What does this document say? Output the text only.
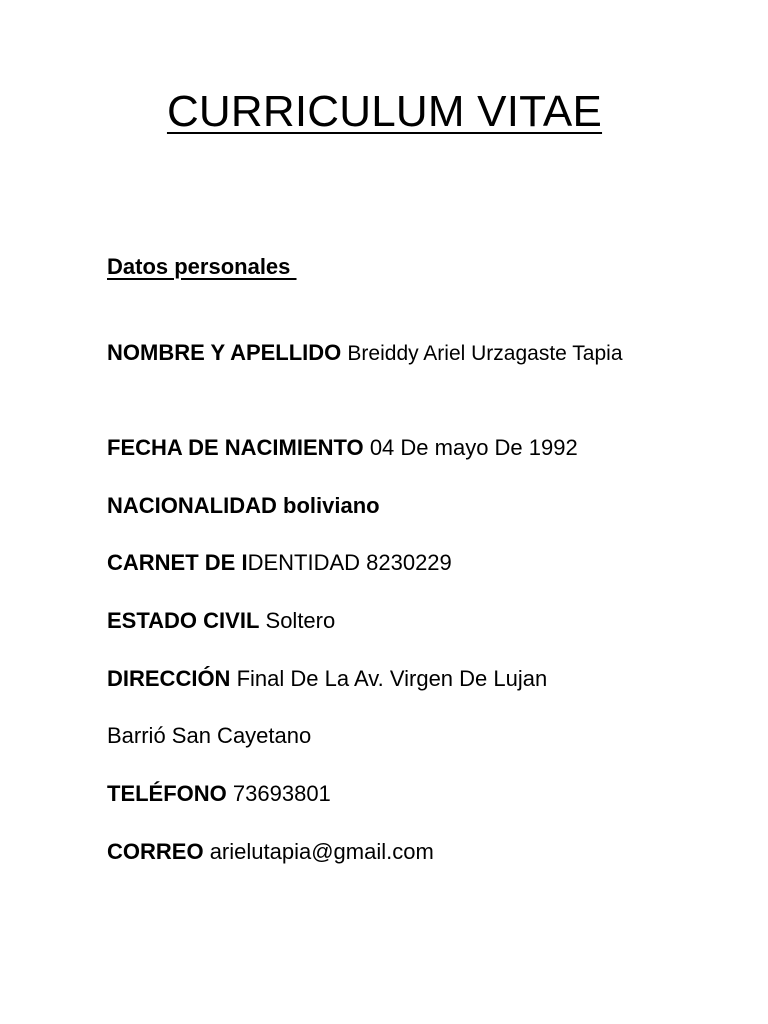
CURRICULUM VITAE
Datos personales
NOMBRE Y APELLIDO Breiddy Ariel Urzagaste Tapia
FECHA DE NACIMIENTO 04 De mayo De 1992
NACIONALIDAD boliviano
CARNET DE IDENTIDAD 8230229
ESTADO CIVIL Soltero
DIRECCIÓN Final De La Av. Virgen De Lujan
Barrió San Cayetano
TELÉFONO 73693801
CORREO arielutapia@gmail.com
